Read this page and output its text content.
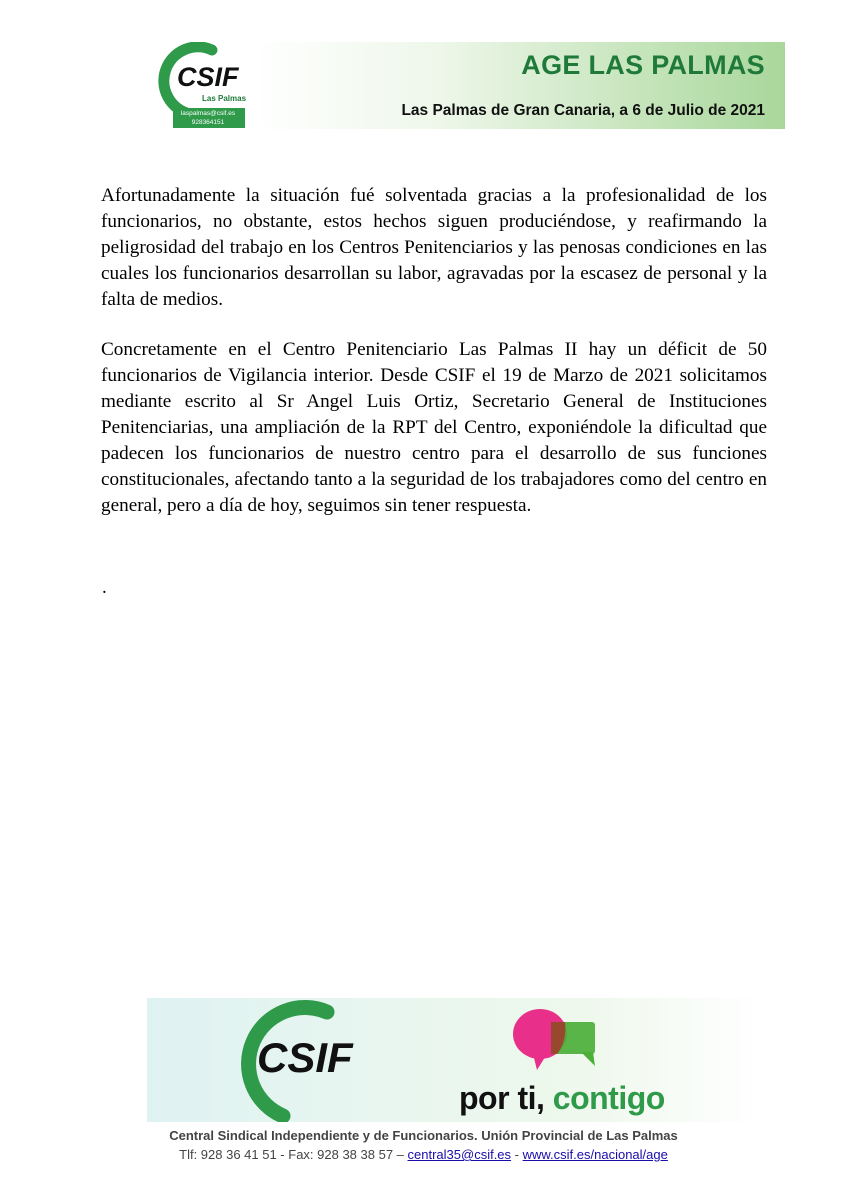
CSIF
Las Palmas
laspalmas@csif.es
928364151
AGE LAS PALMAS
Las Palmas de Gran Canaria, a 6 de Julio de 2021

Afortunadamente la situación fué solventada gracias a la profesionalidad de los funcionarios, no obstante, estos hechos siguen produciéndose, y reafirmando la peligrosidad del trabajo en los Centros Penitenciarios y las penosas condiciones en las cuales los funcionarios desarrollan su labor, agravadas por la escasez de personal y la falta de medios.

Concretamente en el Centro Penitenciario Las Palmas II hay un déficit de 50 funcionarios de Vigilancia interior. Desde CSIF el 19 de Marzo de 2021 solicitamos mediante escrito al Sr Angel Luis Ortiz, Secretario General de Instituciones Penitenciarias, una ampliación de la RPT del Centro, exponiéndole la dificultad que padecen los funcionarios de nuestro centro para el desarrollo de sus funciones constitucionales, afectando tanto a la seguridad de los trabajadores como del centro en general, pero a día de hoy, seguimos sin tener respuesta.

.
CSIF
por ti, contigo
Central Sindical Independiente y de Funcionarios. Unión Provincial de Las Palmas
Tlf: 928 36 41 51 - Fax: 928 38 38 57 – central35@csif.es - www.csif.es/nacional/age
